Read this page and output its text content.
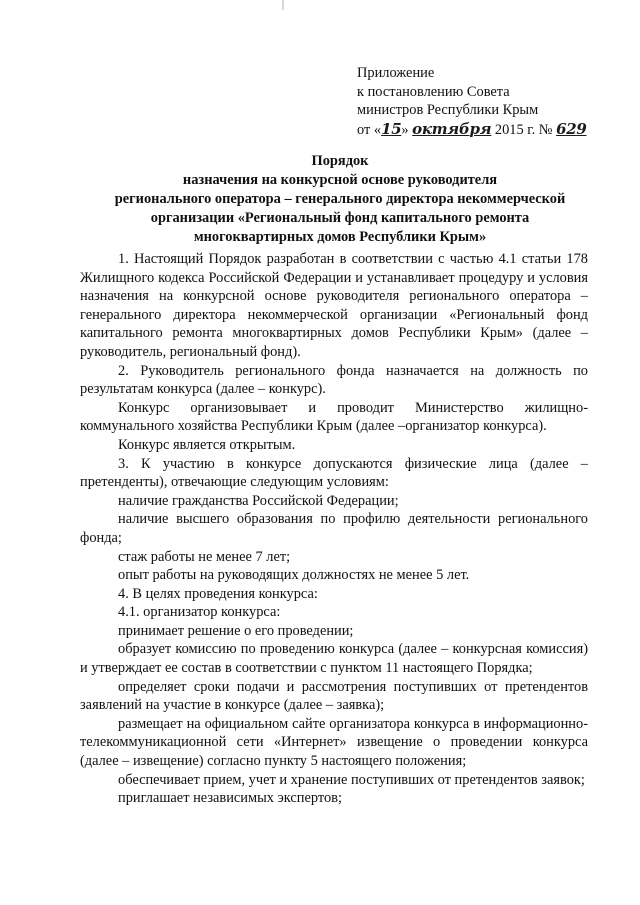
Приложение
к постановлению Совета
министров Республики Крым
от «15» октября 2015 г. № 629
Порядок
назначения на конкурсной основе руководителя
регионального оператора – генерального директора некоммерческой
организации «Региональный фонд капитального ремонта
многоквартирных домов Республики Крым»

1. Настоящий Порядок разработан в соответствии с частью 4.1 статьи 178 Жилищного кодекса Российской Федерации и устанавливает процедуру и условия назначения на конкурсной основе руководителя регионального оператора – генерального директора некоммерческой организации «Региональный фонд капитального ремонта многоквартирных домов Республики Крым» (далее – руководитель, региональный фонд).

2. Руководитель регионального фонда назначается на должность по результатам конкурса (далее – конкурс).

Конкурс организовывает и проводит Министерство жилищно-коммунального хозяйства Республики Крым (далее –организатор конкурса).

Конкурс является открытым.

3. К участию в конкурсе допускаются физические лица (далее – претенденты), отвечающие следующим условиям:

наличие гражданства Российской Федерации;

наличие высшего образования по профилю деятельности регионального фонда;

стаж работы не менее 7 лет;

опыт работы на руководящих должностях не менее 5 лет.

4. В целях проведения конкурса:

4.1. организатор конкурса:

принимает решение о его проведении;

образует комиссию по проведению конкурса (далее – конкурсная комиссия) и утверждает ее состав в соответствии с пунктом 11 настоящего Порядка;

определяет сроки подачи и рассмотрения поступивших от претендентов заявлений на участие в конкурсе (далее – заявка);

размещает на официальном сайте организатора конкурса в информационно-телекоммуникационной сети «Интернет» извещение о проведении конкурса (далее – извещение) согласно пункту 5 настоящего положения;

обеспечивает прием, учет и хранение поступивших от претендентов заявок;

приглашает независимых экспертов;
